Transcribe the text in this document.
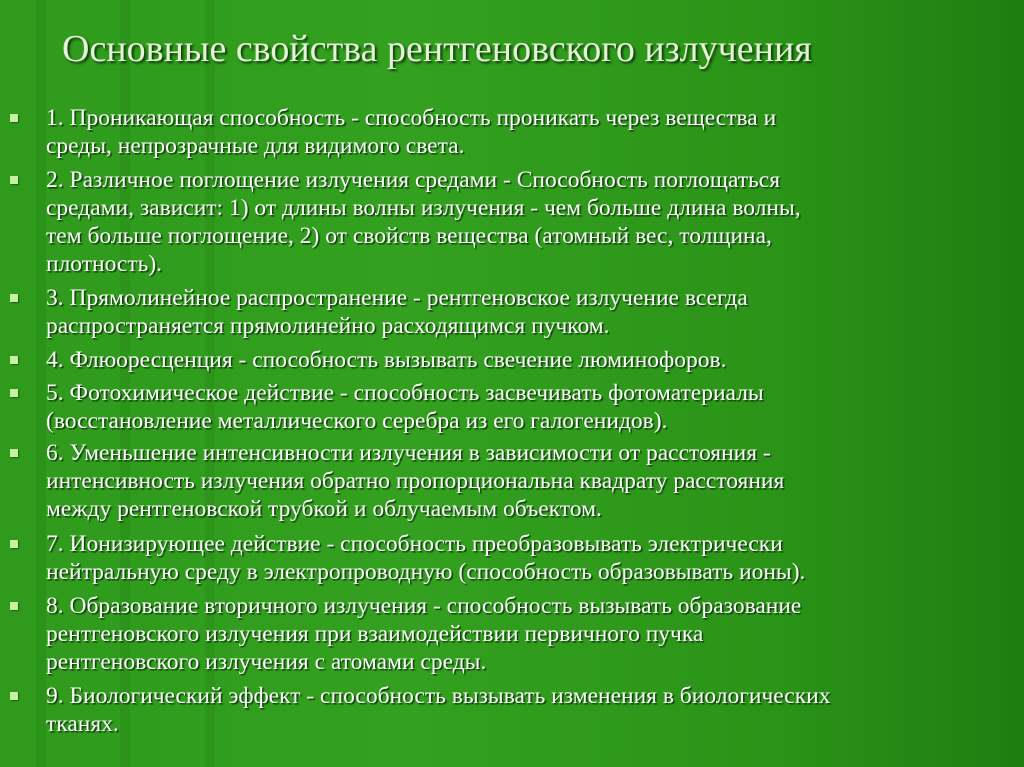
Основные свойства рентгеновского излучения

1. Проникающая способность - способность проникать через вещества и
среды, непрозрачные для видимого света.

2. Различное поглощение излучения средами - Способность поглощаться
средами, зависит: 1) от длины волны излучения - чем больше длина волны,
тем больше поглощение, 2) от свойств вещества (атомный вес, толщина,
плотность).

3. Прямолинейное распространение - рентгеновское излучение всегда
распространяется прямолинейно расходящимся пучком.

4. Флюоресценция - способность вызывать свечение люминофоров.

5. Фотохимическое действие - способность засвечивать фотоматериалы
(восстановление металлического серебра из его галогенидов).

6. Уменьшение интенсивности излучения в зависимости от расстояния -
интенсивность излучения обратно пропорциональна квадрату расстояния
между рентгеновской трубкой и облучаемым объектом.

7. Ионизирующее действие - способность преобразовывать электрически
нейтральную среду в электропроводную (способность образовывать ионы).

8. Образование вторичного излучения - способность вызывать образование
рентгеновского излучения при взаимодействии первичного пучка
рентгеновского излучения с атомами среды.

9. Биологический эффект - способность вызывать изменения в биологических
тканях.
